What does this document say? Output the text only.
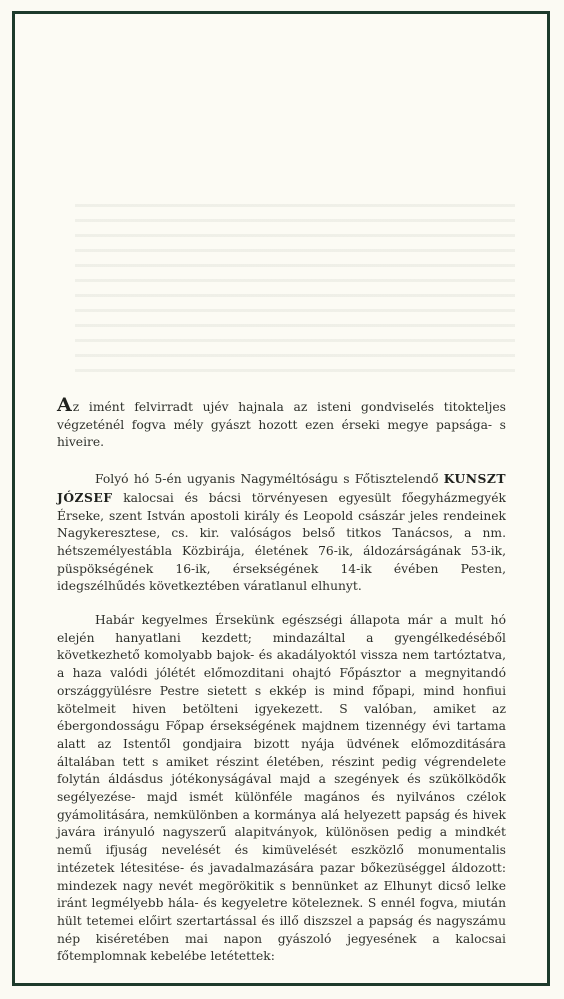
Az imént felvirradt ujév hajnala az isteni gondviselés titokteljes végzeténél fogva mély gyászt hozott ezen érseki megye papsága- s hiveire.

Folyó hó 5-én ugyanis Nagyméltóságu s Főtisztelendő KUNSZT JÓZSEF kalocsai és bácsi törvényesen egyesült főegyházmegyék Érseke, szent István apostoli király és Leopold császár jeles rendeinek Nagykeresztese, cs. kir. valóságos belső titkos Tanácsos, a nm. hétszemélyestábla Közbirája, életének 76-ik, áldozárságának 53-ik, püspökségének 16-ik, érsekségének 14-ik évében Pesten, idegszélhűdés következtében váratlanul elhunyt.

Habár kegyelmes Érsekünk egészségi állapota már a mult hó elején hanyatlani kezdett; mindazáltal a gyengélkedéséből következhető komolyabb bajok- és akadályoktól vissza nem tartóztatva, a haza valódi jólétét előmozditani ohajtó Főpásztor a megnyitandó országgyülésre Pestre sietett s ekkép is mind főpapi, mind honfiui kötelmeit hiven betölteni igyekezett. S valóban, amiket az ébergondosságu Főpap érsekségének majdnem tizennégy évi tartama alatt az Istentől gondjaira bizott nyája üdvének előmozditására általában tett s amiket részint életében, részint pedig végrendelete folytán áldásdus jótékonyságával majd a szegények és szükölködők segélyezése- majd ismét különféle magános és nyilvános czélok gyámolitására, nemkülönben a kormánya alá helyezett papság és hivek javára irányuló nagyszerű alapitványok, különösen pedig a mindkét nemű ifjuság nevelését és kimüvelését eszközlő monumentalis intézetek létesitése- és javadalmazására pazar bőkezüséggel áldozott: mindezek nagy nevét megörökitik s bennünket az Elhunyt dicső lelke iránt legmélyebb hála- és kegyeletre köteleznek. S ennél fogva, miután hült tetemei előirt szertartással és illő diszszel a papság és nagyszámu nép kiséretében mai napon gyászoló jegyesének a kalocsai főtemplomnak kebelébe letétettek:
